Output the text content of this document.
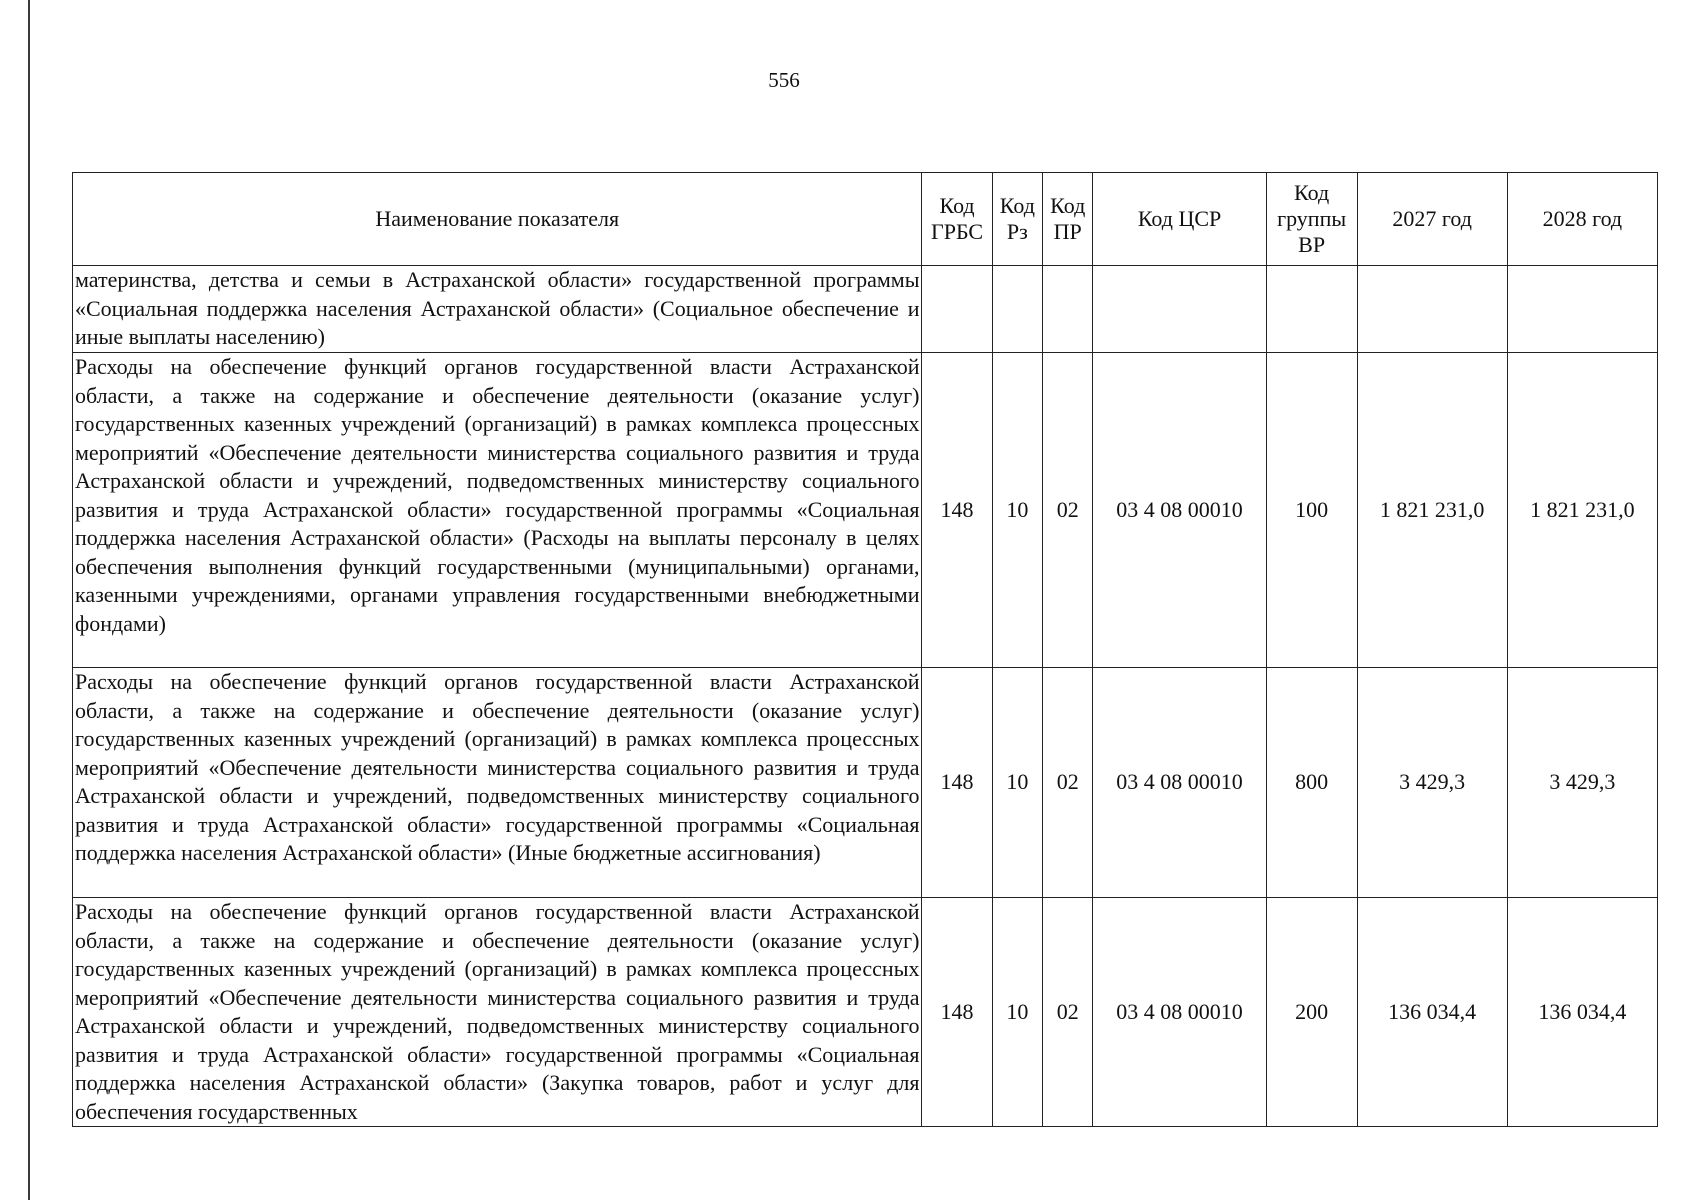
556
Наименование показателя	Код ГРБС	Код Рз	Код ПР	Код ЦСР	Код группы ВР	2027 год	2028 год
материнства, детства и семьи в Астраханской области» государственной программы «Социальная поддержка населения Астраханской области» (Социальное обеспечение и иные выплаты населению)							
Расходы на обеспечение функций органов государственной власти Астраханской области, а также на содержание и обеспечение деятельности (оказание услуг) государственных казенных учреждений (организаций) в рамках комплекса процессных мероприятий «Обеспечение деятельности министерства социального развития и труда Астраханской области и учреждений, подведомственных министерству социального развития и труда Астраханской области» государственной программы «Социальная поддержка населения Астраханской области» (Расходы на выплаты персоналу в целях обеспечения выполнения функций государственными (муниципальными) органами, казенными учреждениями, органами управления государственными внебюджетными фондами)	148	10	02	03 4 08 00010	100	1 821 231,0	1 821 231,0
Расходы на обеспечение функций органов государственной власти Астраханской области, а также на содержание и обеспечение деятельности (оказание услуг) государственных казенных учреждений (организаций) в рамках комплекса процессных мероприятий «Обеспечение деятельности министерства социального развития и труда Астраханской области и учреждений, подведомственных министерству социального развития и труда Астраханской области» государственной программы «Социальная поддержка населения Астраханской области» (Иные бюджетные ассигнования)	148	10	02	03 4 08 00010	800	3 429,3	3 429,3
Расходы на обеспечение функций органов государственной власти Астраханской области, а также на содержание и обеспечение деятельности (оказание услуг) государственных казенных учреждений (организаций) в рамках комплекса процессных мероприятий «Обеспечение деятельности министерства социального развития и труда Астраханской области и учреждений, подведомственных министерству социального развития и труда Астраханской области» государственной программы «Социальная поддержка населения Астраханской области» (Закупка товаров, работ и услуг для обеспечения государственных	148	10	02	03 4 08 00010	200	136 034,4	136 034,4
